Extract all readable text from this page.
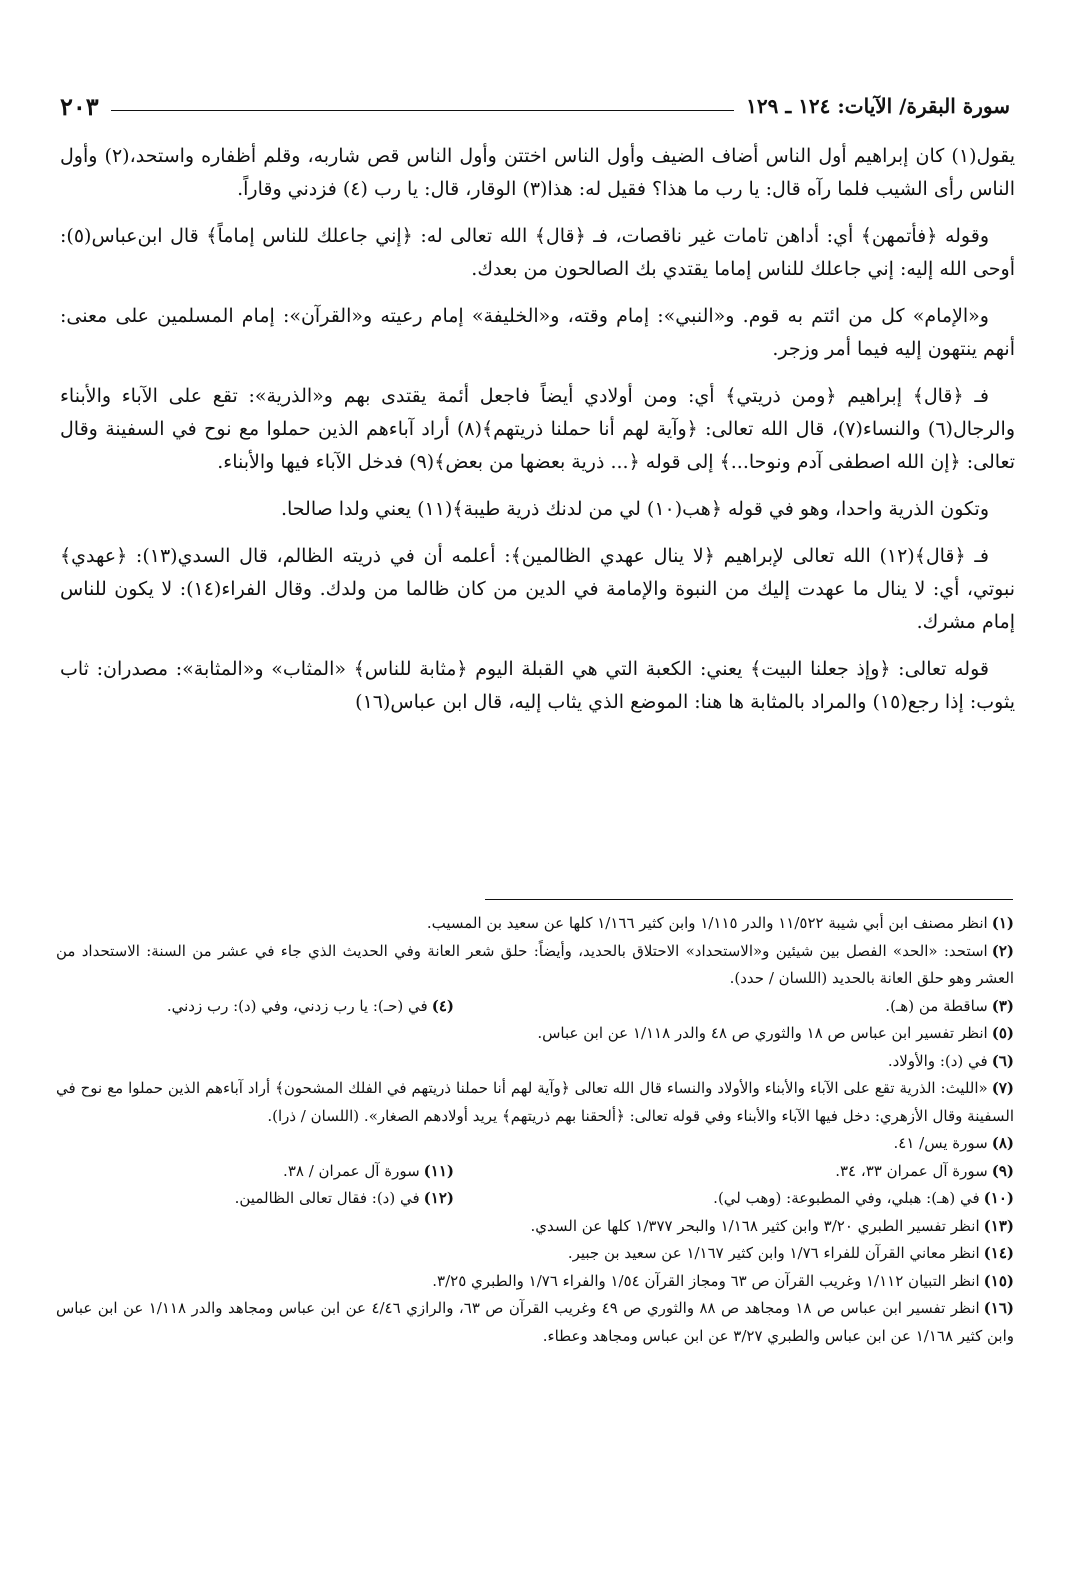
سورة البقرة/ الآيات: ١٢٤ ـ ١٢٩
٢٠٣

يقول(١) كان إبراهيم أول الناس أضاف الضيف وأول الناس اختتن وأول الناس قص شاربه، وقلم أظفاره واستحد،(٢) وأول الناس رأى الشيب فلما رآه قال: يا رب ما هذا؟ فقيل له: هذا(٣) الوقار، قال: يا رب (٤) فزدني وقاراً.

وقوله ﴿فأتمهن﴾ أي: أداهن تامات غير ناقصات، فـ ﴿قال﴾ الله تعالى له: ﴿إني جاعلك للناس إماماً﴾ قال ابن‌عباس(٥): أوحى الله إليه: إني جاعلك للناس إماما يقتدي بك الصالحون من بعدك.

و«الإمام» كل من ائتم به قوم. و«النبي»: إمام وقته، و«الخليفة» إمام رعيته و«القرآن»: إمام المسلمين على معنى: أنهم ينتهون إليه فيما أمر وزجر.

فـ ﴿قال﴾ إبراهيم ﴿ومن ذريتي﴾ أي: ومن أولادي أيضاً فاجعل أئمة يقتدى بهم و«الذرية»: تقع على الآباء والأبناء والرجال(٦) والنساء(٧)، قال الله تعالى: ﴿وآية لهم أنا حملنا ذريتهم﴾(٨) أراد آباءهم الذين حملوا مع نوح في السفينة وقال تعالى: ﴿إن الله اصطفى آدم ونوحا...﴾ إلى قوله ﴿... ذرية بعضها من بعض﴾(٩) فدخل الآباء فيها والأبناء.

وتكون الذرية واحدا، وهو في قوله ﴿هب(١٠) لي من لدنك ذرية طيبة﴾(١١) يعني ولدا صالحا.

فـ ﴿قال﴾(١٢) الله تعالى لإبراهيم ﴿لا ينال عهدي الظالمين﴾: أعلمه أن في ذريته الظالم، قال السدي(١٣): ﴿عهدي﴾ نبوتي، أي: لا ينال ما عهدت إليك من النبوة والإمامة في الدين من كان ظالما من ولدك. وقال الفراء(١٤): لا يكون للناس إمام مشرك.

قوله تعالى: ﴿وإذ جعلنا البيت﴾ يعني: الكعبة التي هي القبلة اليوم ﴿مثابة للناس﴾ «المثاب» و«المثابة»: مصدران: ثاب يثوب: إذا رجع(١٥) والمراد بالمثابة ها هنا: الموضع الذي يثاب إليه، قال ابن عباس(١٦)

(١)انظر مصنف ابن أبي شيبة ١١/٥٢٢ والدر ١/١١٥ وابن كثير ١/١٦٦ كلها عن سعيد بن المسيب.
(٢)استحد: «الحد» الفصل بين شيئين و«الاستحداد» الاحتلاق بالحديد، وأيضاً: حلق شعر العانة وفي الحديث الذي جاء في عشر من السنة: الاستحداد من العشر وهو حلق العانة بالحديد (اللسان / حدد).
(٣)ساقطة من (هـ).
(٤)في (حـ): يا رب زدني، وفي (د): رب زدني.
(٥)انظر تفسير ابن عباس ص ١٨ والثوري ص ٤٨ والدر ١/١١٨ عن ابن عباس.
(٦)في (د): والأولاد.
(٧)«الليث: الذرية تقع على الآباء والأبناء والأولاد والنساء قال الله تعالى ﴿وآية لهم أنا حملنا ذريتهم في الفلك المشحون﴾ أراد آباءهم الذين حملوا مع نوح في السفينة وقال الأزهري: دخل فيها الآباء والأبناء وفي قوله تعالى: ﴿ألحقنا بهم ذريتهم﴾ يريد أولادهم الصغار». (اللسان / ذرا).
(٨)سورة يس/ ٤١.
(٩)سورة آل عمران ٣٣، ٣٤.
(١١)سورة آل عمران / ٣٨.
(١٠)في (هـ): هبلي، وفي المطبوعة: (وهب لي).
(١٢)في (د): فقال تعالى الظالمين.
(١٣)انظر تفسير الطبري ٣/٢٠ وابن كثير ١/١٦٨ والبحر ١/٣٧٧ كلها عن السدي.
(١٤)انظر معاني القرآن للفراء ١/٧٦ وابن كثير ١/١٦٧ عن سعيد بن جبير.
(١٥)انظر التبيان ١/١١٢ وغريب القرآن ص ٦٣ ومجاز القرآن ١/٥٤ والفراء ١/٧٦ والطبري ٣/٢٥.
(١٦)انظر تفسير ابن عباس ص ١٨ ومجاهد ص ٨٨ والثوري ص ٤٩ وغريب القرآن ص ٦٣، والرازي ٤/٤٦ عن ابن عباس ومجاهد والدر ١/١١٨ عن ابن عباس وابن كثير ١/١٦٨ عن ابن عباس والطبري ٣/٢٧ عن ابن عباس ومجاهد وعطاء.
